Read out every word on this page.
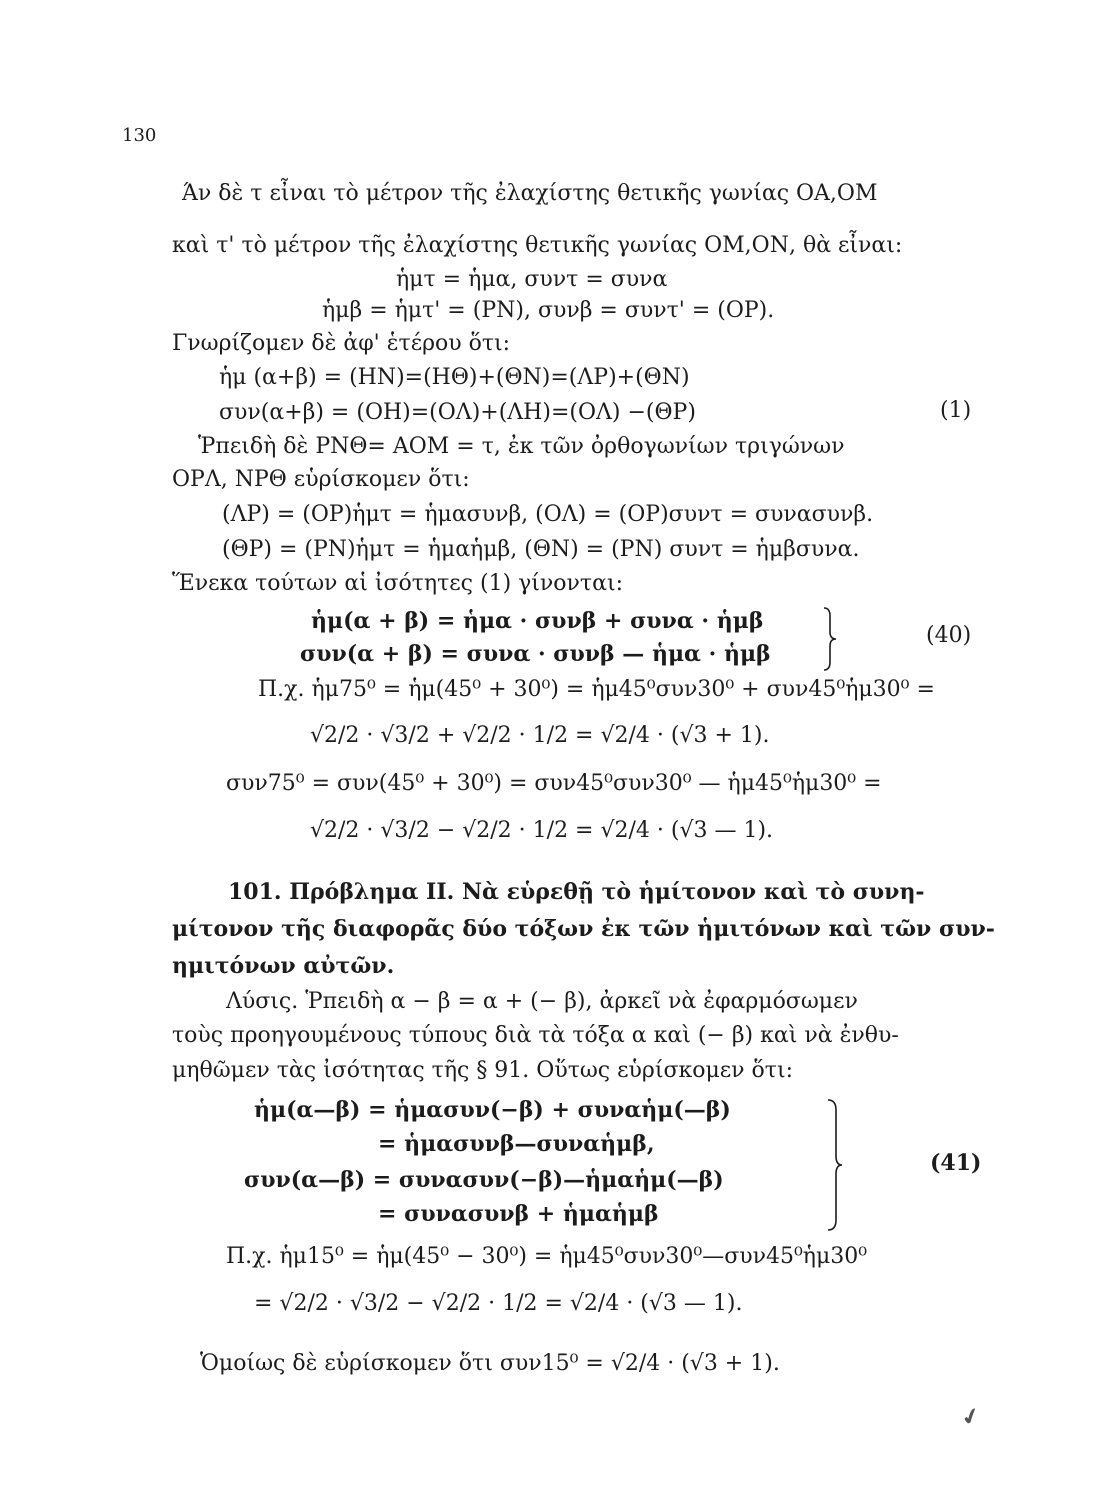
130
Άν δὲ τ εἶναι τὸ μέτρον τῆς ἐλαχίστης θετικῆς γωνίας ΟΑ,ΟΜ
καὶ τ' τὸ μέτρον τῆς ἐλαχίστης θετικῆς γωνίας ΟΜ,ΟΝ, θὰ εἶναι:
ἡμτ = ἡμα, συντ = συνα
ἡμβ = ἡμτ' = (ΡΝ), συνβ = συντ' = (ΟΡ).
Γνωρίζομεν δὲ ἀφ' ἑτέρου ὅτι:
ἡμ (α+β) = (ΗΝ)=(ΗΘ)+(ΘΝ)=(ΛΡ)+(ΘΝ)
συν(α+β) = (ΟΗ)=(ΟΛ)+(ΛΗ)=(ΟΛ) −(ΘΡ)	(1)
Ῥπειδὴ δὲ ΡΝΘ= ΑΟΜ = τ, ἐκ τῶν ὀρθογωνίων τριγώνων
ΟΡΛ, ΝΡΘ εὑρίσκομεν ὅτι:
(ΛΡ) = (ΟΡ)ἡμτ = ἡμασυνβ, (ΟΛ) = (ΟΡ)συντ = συνασυνβ.
(ΘΡ) = (ΡΝ)ἡμτ = ἡμαἡμβ, (ΘΝ) = (ΡΝ) συντ = ἡμβσυνα.
Ἕνεκα τούτων αἱ ἰσότητες (1) γίνονται:
ἡμ(α + β) = ἡμα · συνβ + συνα · ἡμβ
συν(α + β) = συνα · συνβ — ἡμα · ἡμβ
(40)
Π.χ. ἡμ75⁰ = ἡμ(45⁰ + 30⁰) = ἡμ45⁰συν30⁰ + συν45⁰ἡμ30⁰ =
√2/2 · √3/2 + √2/2 · 1/2 = √2/4 · (√3 + 1).
συν75⁰ = συν(45⁰ + 30⁰) = συν45⁰συν30⁰ — ἡμ45⁰ἡμ30⁰ =
√2/2 · √3/2 − √2/2 · 1/2 = √2/4 · (√3 — 1).
101. Πρόβλημα ΙΙ. Νὰ εὑρεθῇ τὸ ἡμίτονον καὶ τὸ συνη-
μίτονον τῆς διαφορᾶς δύο τόξων ἐκ τῶν ἡμιτόνων καὶ τῶν συν-
ημιτόνων αὐτῶν.
Λύσις. Ῥπειδὴ α − β = α + (− β), ἀρκεῖ νὰ ἐφαρμόσωμεν
τοὺς προηγουμένους τύπους διὰ τὰ τόξα α καὶ (− β) καὶ νὰ ἐνθυ-
μηθῶμεν τὰς ἰσότητας τῆς § 91. Οὕτως εὑρίσκομεν ὅτι:
ἡμ(α—β) = ἡμασυν(−β) + συναἡμ(—β)
= ἡμασυνβ—συναἡμβ,
συν(α—β) = συνασυν(−β)—ἡμαἡμ(—β)
= συνασυνβ + ἡμαἡμβ
(41)
Π.χ. ἡμ15⁰ = ἡμ(45⁰ − 30⁰) = ἡμ45⁰συν30⁰—συν45⁰ἡμ30⁰
= √2/2 · √3/2 − √2/2 · 1/2 = √2/4 · (√3 — 1).
Ὁμοίως δὲ εὑρίσκομεν ὅτι συν15⁰ = √2/4 · (√3 + 1).
✔
